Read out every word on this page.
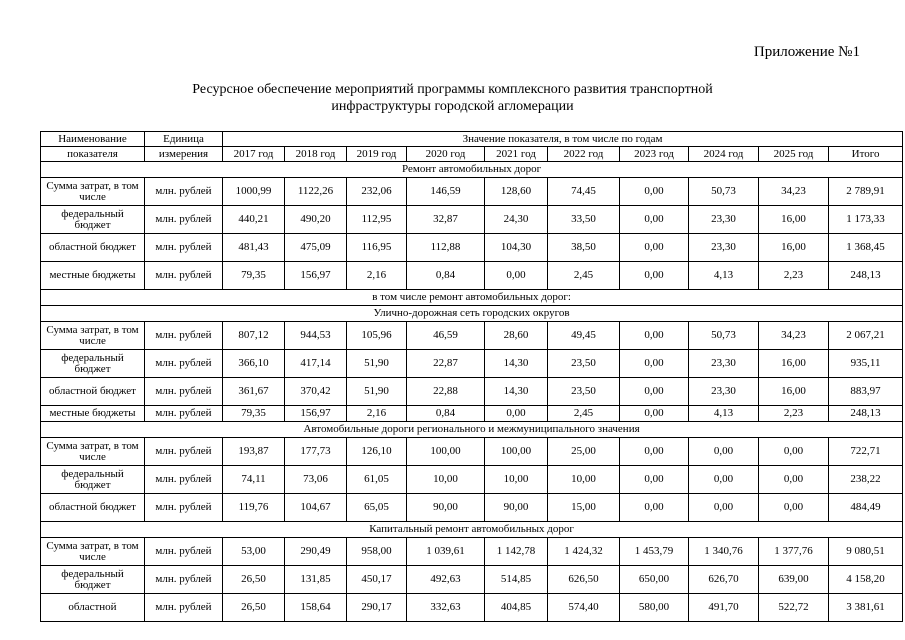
Приложение №1
Ресурсное обеспечение мероприятий программы комплексного развития транспортной
инфраструктуры городской агломерации
Наименование	Единица	Значение показателя, в том числе по годам									
показателя	измерения	2017 год	2018 год	2019 год	2020 год	2021 год	2022 год	2023 год	2024 год	2025 год	Итого
Ремонт автомобильных дорог											
Сумма затрат, в том числе	млн. рублей	1000,99	1122,26	232,06	146,59	128,60	74,45	0,00	50,73	34,23	2 789,91
федеральный бюджет	млн. рублей	440,21	490,20	112,95	32,87	24,30	33,50	0,00	23,30	16,00	1 173,33
областной бюджет	млн. рублей	481,43	475,09	116,95	112,88	104,30	38,50	0,00	23,30	16,00	1 368,45
местные бюджеты	млн. рублей	79,35	156,97	2,16	0,84	0,00	2,45	0,00	4,13	2,23	248,13
в том числе ремонт автомобильных дорог:											
Улично-дорожная сеть городских округов											
Сумма затрат, в том числе	млн. рублей	807,12	944,53	105,96	46,59	28,60	49,45	0,00	50,73	34,23	2 067,21
федеральный бюджет	млн. рублей	366,10	417,14	51,90	22,87	14,30	23,50	0,00	23,30	16,00	935,11
областной бюджет	млн. рублей	361,67	370,42	51,90	22,88	14,30	23,50	0,00	23,30	16,00	883,97
местные бюджеты	млн. рублей	79,35	156,97	2,16	0,84	0,00	2,45	0,00	4,13	2,23	248,13
Автомобильные дороги регионального и межмуниципального значения											
Сумма затрат, в том числе	млн. рублей	193,87	177,73	126,10	100,00	100,00	25,00	0,00	0,00	0,00	722,71
федеральный бюджет	млн. рублей	74,11	73,06	61,05	10,00	10,00	10,00	0,00	0,00	0,00	238,22
областной бюджет	млн. рублей	119,76	104,67	65,05	90,00	90,00	15,00	0,00	0,00	0,00	484,49
Капитальный ремонт автомобильных дорог											
Сумма затрат, в том числе	млн. рублей	53,00	290,49	958,00	1 039,61	1 142,78	1 424,32	1 453,79	1 340,76	1 377,76	9 080,51
федеральный бюджет	млн. рублей	26,50	131,85	450,17	492,63	514,85	626,50	650,00	626,70	639,00	4 158,20
областной	млн. рублей	26,50	158,64	290,17	332,63	404,85	574,40	580,00	491,70	522,72	3 381,61
